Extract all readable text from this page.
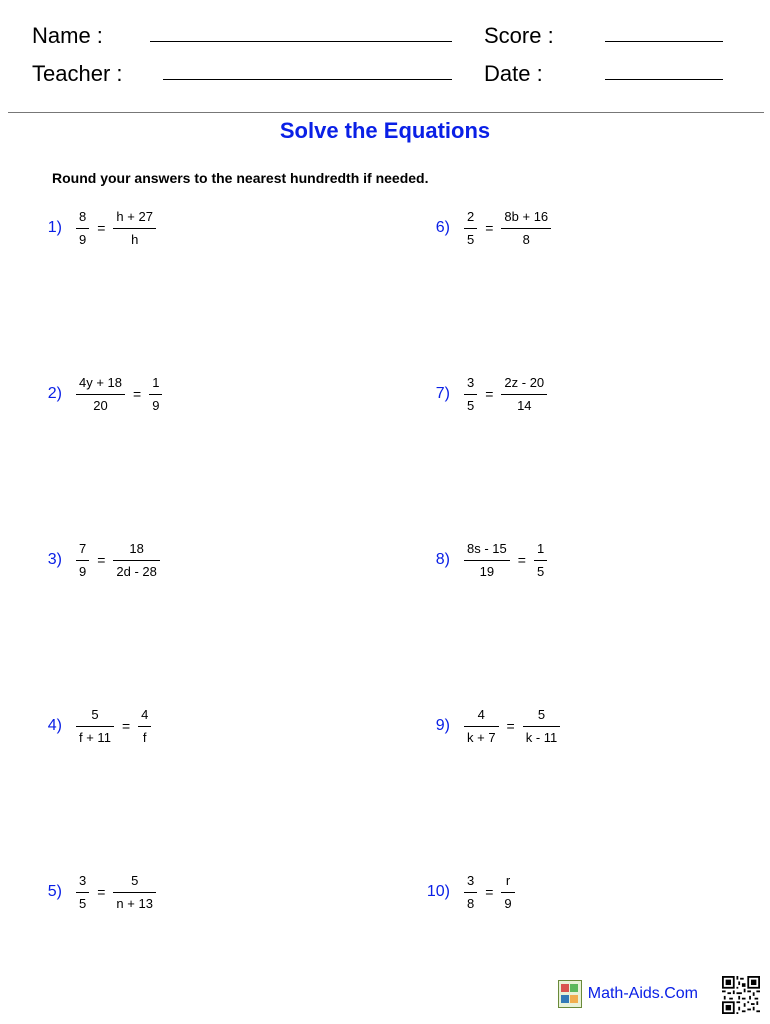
Name :
Teacher :
Score :
Date :
Solve the Equations
Round your answers to the nearest hundredth if needed.
$1) \frac{8}{9} = \frac{h + 27}{h}$
$2) \frac{4y + 18}{20} = \frac{1}{9}$
$3) \frac{7}{9} = \frac{18}{2d - 28}$
$4) \frac{5}{f + 11} = \frac{4}{f}$
$5) \frac{3}{5} = \frac{5}{n + 13}$
$6) \frac{2}{5} = \frac{8b + 16}{8}$
$7) \frac{3}{5} = \frac{2z - 20}{14}$
$8) \frac{8s - 15}{19} = \frac{1}{5}$
$9) \frac{4}{k + 7} = \frac{5}{k - 11}$
$10) \frac{3}{8} = \frac{r}{9}$
Math-Aids.Com
